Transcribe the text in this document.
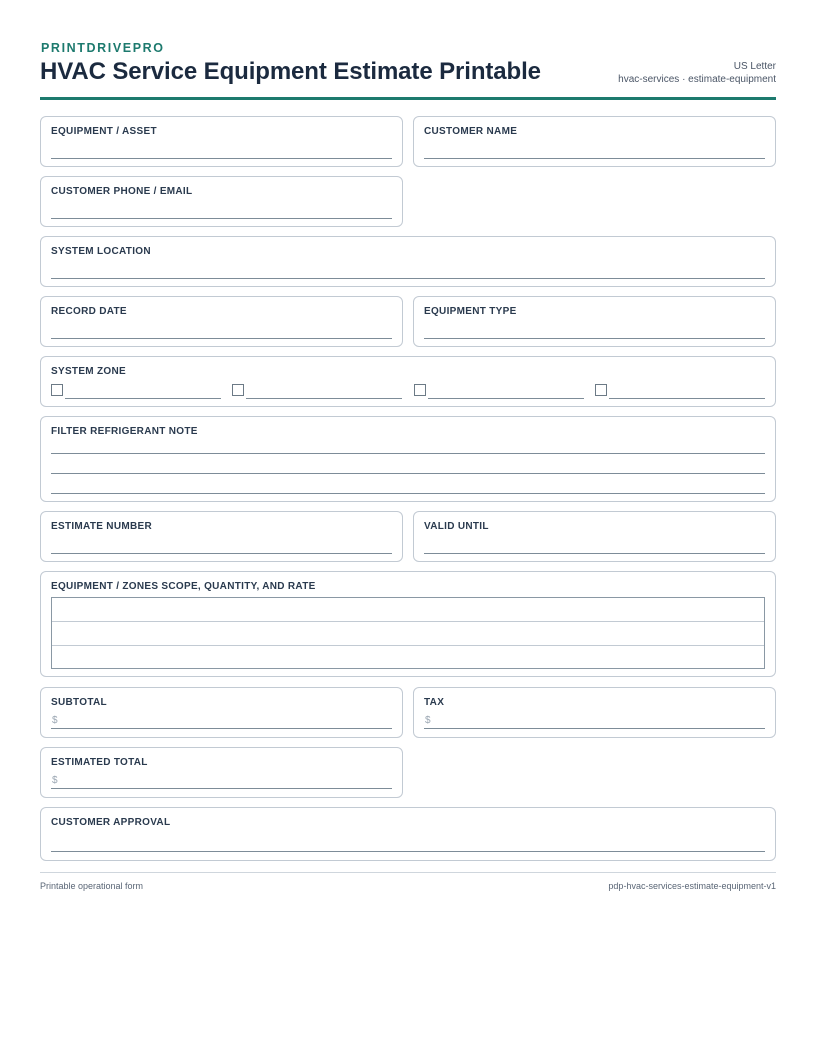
PRINTDRIVEPRO
HVAC Service Equipment Estimate Printable	US Letter
hvac-services · estimate-equipment
EQUIPMENT / ASSET	CUSTOMER NAME
CUSTOMER PHONE / EMAIL
SYSTEM LOCATION
RECORD DATE	EQUIPMENT TYPE
SYSTEM ZONE
FILTER REFRIGERANT NOTE
ESTIMATE NUMBER	VALID UNTIL
EQUIPMENT / ZONES SCOPE, QUANTITY, AND RATE
SUBTOTAL
$
TAX
$
ESTIMATED TOTAL
$
CUSTOMER APPROVAL
Printable operational form	pdp-hvac-services-estimate-equipment-v1
